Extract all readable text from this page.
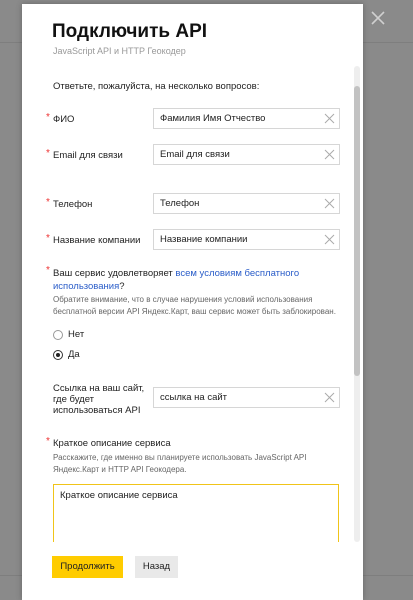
Подключить API
JavaScript API и HTTP Геокодер
Ответьте, пожалуйста, на несколько вопросов:
* ФИО	Фамилия Имя Отчество
* Email для связи	Email для связи
* Телефон	Телефон
* Название компании	Название компании
* Ваш сервис удовлетворяет всем условиям бесплатного использования?
Обратите внимание, что в случае нарушения условий использования бесплатной версии API Яндекс.Карт, ваш сервис может быть заблокирован.
Нет
Да
Ссылка на ваш сайт, где будет использоваться API
ссылка на сайт
* Краткое описание сервиса
Расскажите, где именно вы планируете использовать JavaScript API Яндекс.Карт и HTTP API Геокодера.
Краткое описание сервиса
Продолжить	Назад
